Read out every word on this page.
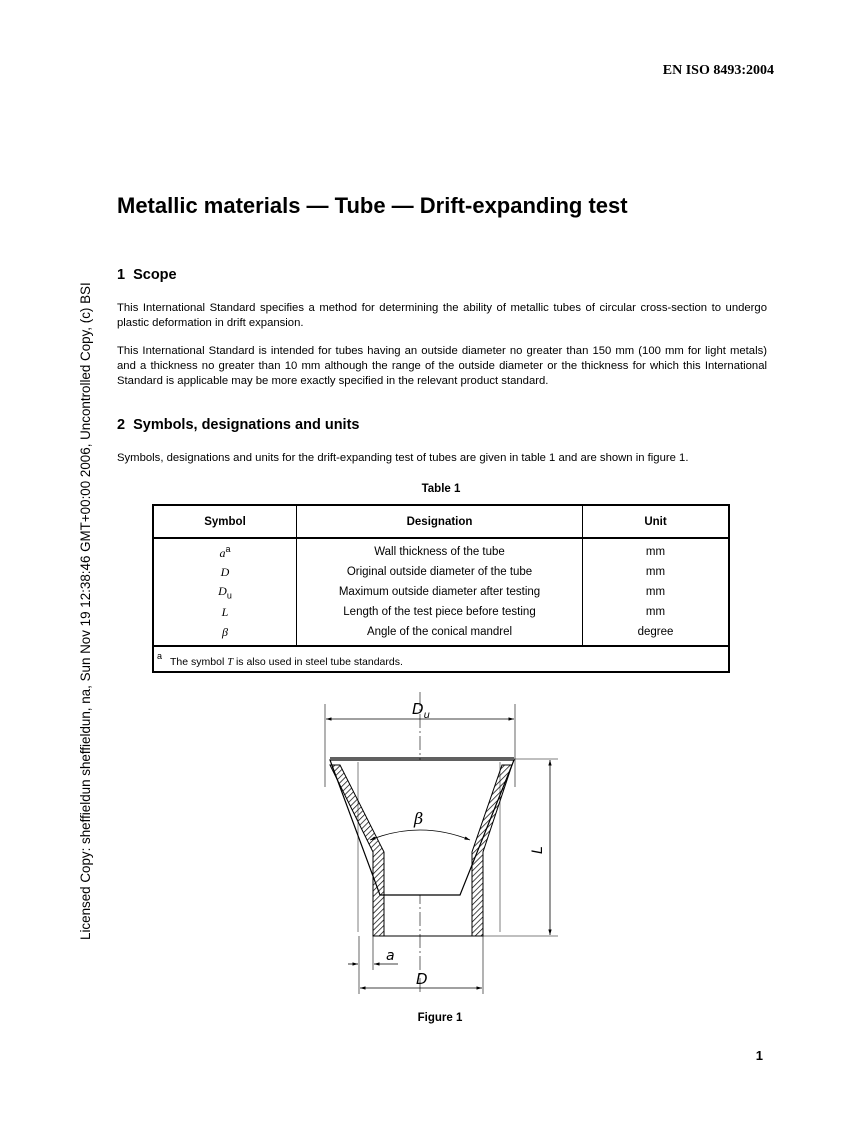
EN ISO 8493:2004
Licensed Copy: sheffieldun sheffieldun, na, Sun Nov 19 12:38:46 GMT+00:00 2006, Uncontrolled Copy, (c) BSI
Metallic materials — Tube — Drift-expanding test
1 Scope

This International Standard specifies a method for determining the ability of metallic tubes of circular cross-section to undergo plastic deformation in drift expansion.

This International Standard is intended for tubes having an outside diameter no greater than 150 mm (100 mm for light metals) and a thickness no greater than 10 mm although the range of the outside diameter or the thickness for which this International Standard is applicable may be more exactly specified in the relevant product standard.

2 Symbols, designations and units

Symbols, designations and units for the drift-expanding test of tubes are given in table 1 and are shown in figure 1.

Table 1
Symbol	Designation	Unit
$a^a$	Wall thickness of the tube	mm
D	Original outside diameter of the tube	mm
$D_u$	Maximum outside diameter after testing	mm
L	Length of the test piece before testing	mm
β	Angle of the conical mandrel	degree
$^a$ The symbol T is also used in steel tube standards.		
$D_u$
β
L
a
D
Figure 1
1
